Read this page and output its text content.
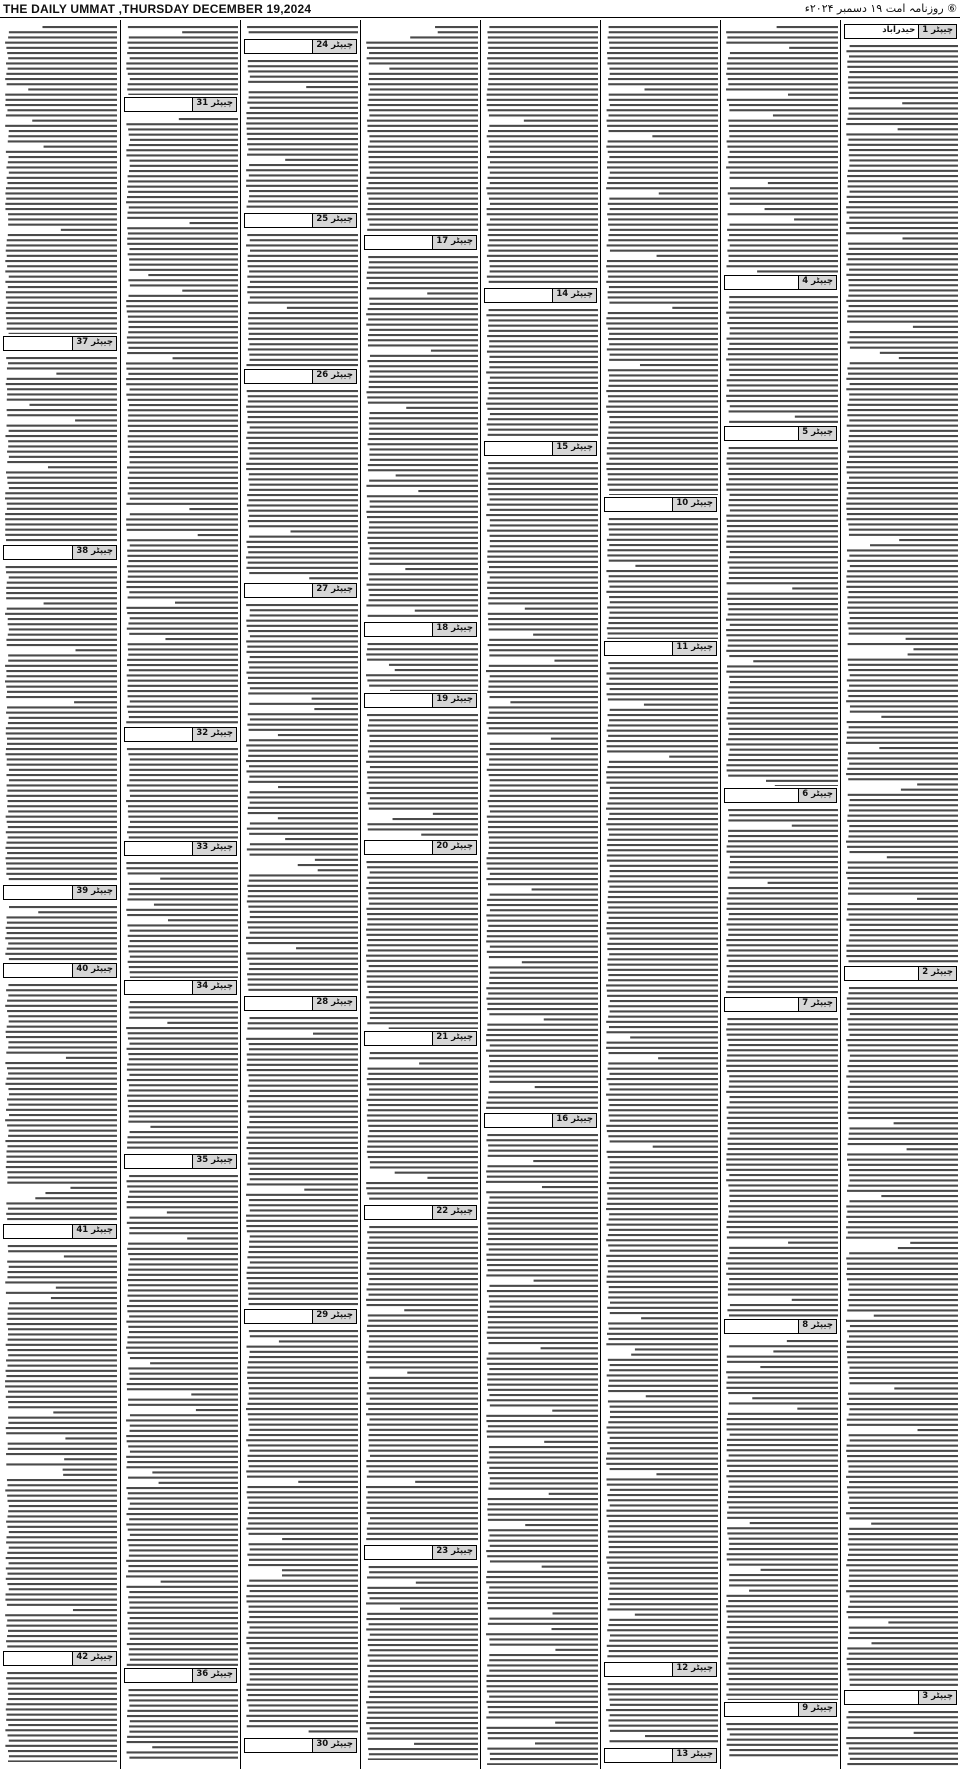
THE DAILY UMMAT ,THURSDAY DECEMBER 19,2024	⑥ روزنامہ امت ۱۹ دسمبر ۲۰۲۴ء
چیپٹر 1
حیدرآباد
چیپٹر 2
چیپٹر 3
چیپٹر 4
چیپٹر 5
چیپٹر 6
چیپٹر 7
چیپٹر 8
چیپٹر 9
چیپٹر 10
چیپٹر 11
چیپٹر 12
چیپٹر 13
چیپٹر 14
چیپٹر 15
چیپٹر 16
چیپٹر 17
چیپٹر 18
چیپٹر 19
چیپٹر 20
چیپٹر 21
چیپٹر 22
چیپٹر 23
چیپٹر 24
چیپٹر 25
چیپٹر 26
چیپٹر 27
چیپٹر 28
چیپٹر 29
چیپٹر 30
چیپٹر 31
چیپٹر 32
چیپٹر 33
چیپٹر 34
چیپٹر 35
چیپٹر 36
چیپٹر 37
چیپٹر 38
چیپٹر 39
چیپٹر 40
چیپٹر 41
چیپٹر 42
